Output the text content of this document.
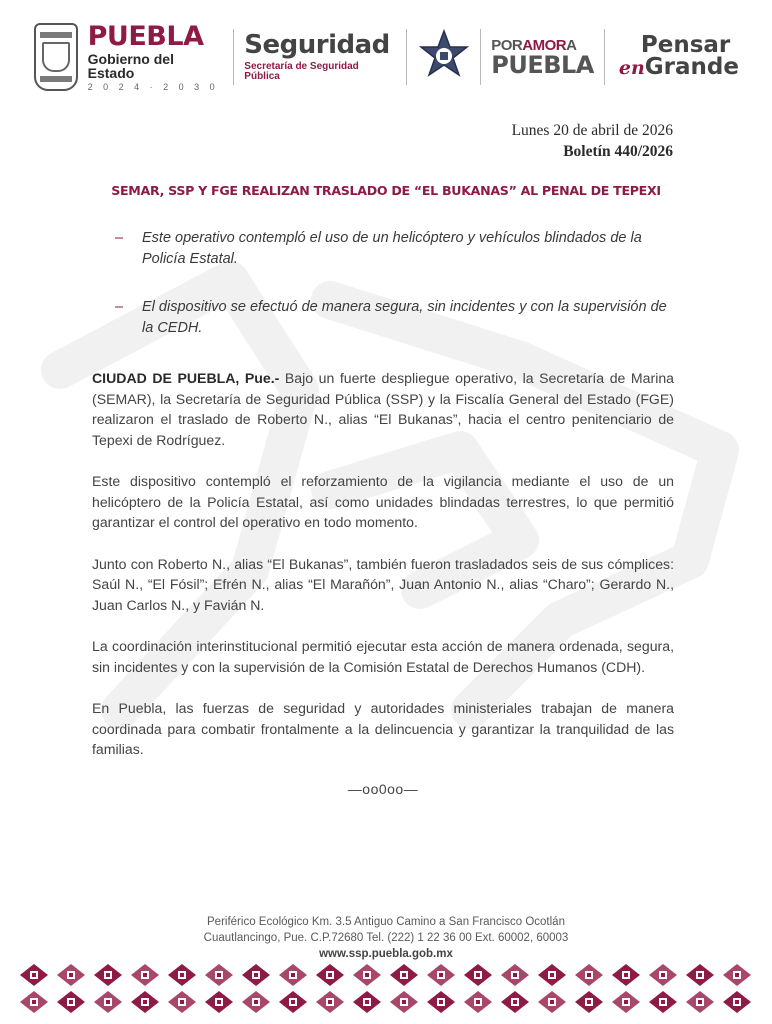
PUEBLA
Gobierno del Estado
2 0 2 4 · 2 0 3 0
Seguridad
Secretaría de Seguridad Pública
PORAMORA
PUEBLA
Pensar
enGrande
Lunes 20 de abril de 2026
Boletín 440/2026
SEMAR, SSP Y FGE REALIZAN TRASLADO DE “EL BUKANAS” AL PENAL DE TEPEXI
–	Este operativo contempló el uso de un helicóptero y vehículos blindados de la Policía Estatal.
–	El dispositivo se efectuó de manera segura, sin incidentes y con la supervisión de la CEDH.

CIUDAD DE PUEBLA, Pue.- Bajo un fuerte despliegue operativo, la Secretaría de Marina (SEMAR), la Secretaría de Seguridad Pública (SSP) y la Fiscalía General del Estado (FGE) realizaron el traslado de Roberto N., alias “El Bukanas”, hacia el centro penitenciario de Tepexi de Rodríguez.

Este dispositivo contempló el reforzamiento de la vigilancia mediante el uso de un helicóptero de la Policía Estatal, así como unidades blindadas terrestres, lo que permitió garantizar el control del operativo en todo momento.

Junto con Roberto N., alias “El Bukanas”, también fueron trasladados seis de sus cómplices: Saúl N., “El Fósil”; Efrén N., alias “El Marañón”, Juan Antonio N., alias “Charo”; Gerardo N., Juan Carlos N., y Favián N.

La coordinación interinstitucional permitió ejecutar esta acción de manera ordenada, segura, sin incidentes y con la supervisión de la Comisión Estatal de Derechos Humanos (CDH).

En Puebla, las fuerzas de seguridad y autoridades ministeriales trabajan de manera coordinada para combatir frontalmente a la delincuencia y garantizar la tranquilidad de las familias.

—oo0oo—
Periférico Ecológico Km. 3.5 Antiguo Camino a San Francisco Ocotlán
Cuautlancingo, Pue. C.P.72680 Tel. (222) 1 22 36 00 Ext. 60002, 60003
www.ssp.puebla.gob.mx
